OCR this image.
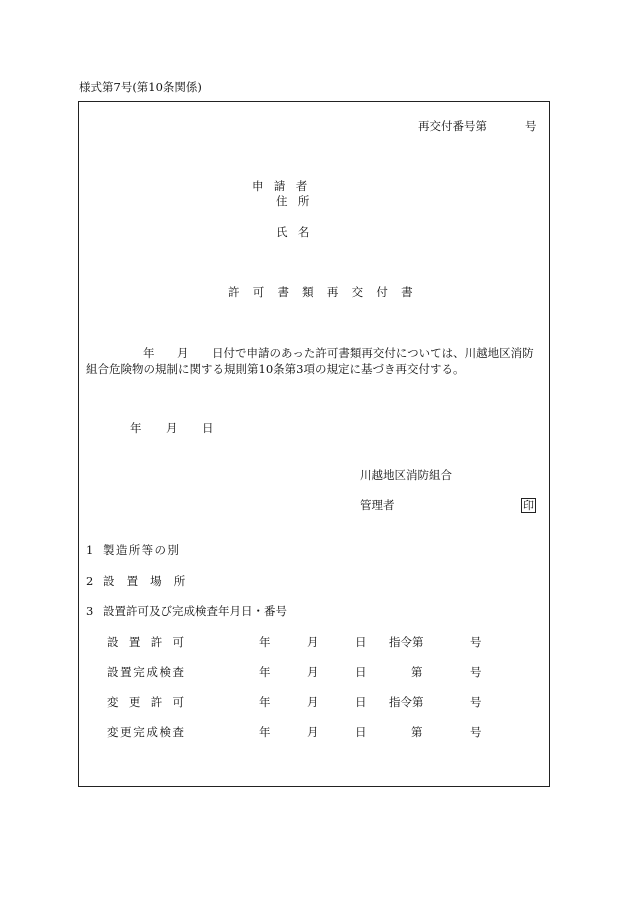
様式第7号(第10条関係)
再交付番号第	号
申請者
住所
氏名
許可書類再交付書
年 月 日付で申請のあった許可書類再交付については、川越地区消防
組合危険物の規制に関する規則第10条第3項の規定に基づき再交付する。
年 月 日
川越地区消防組合
管理者	印
1 製造所等の別
2 設置場所
3 設置許可及び完成検査年月日・番号
設置許可	年	月	日 指令第	号
設置完成検査	年	月	日	第	号
変更許可	年	月	日 指令第	号
変更完成検査	年	月	日	第	号
